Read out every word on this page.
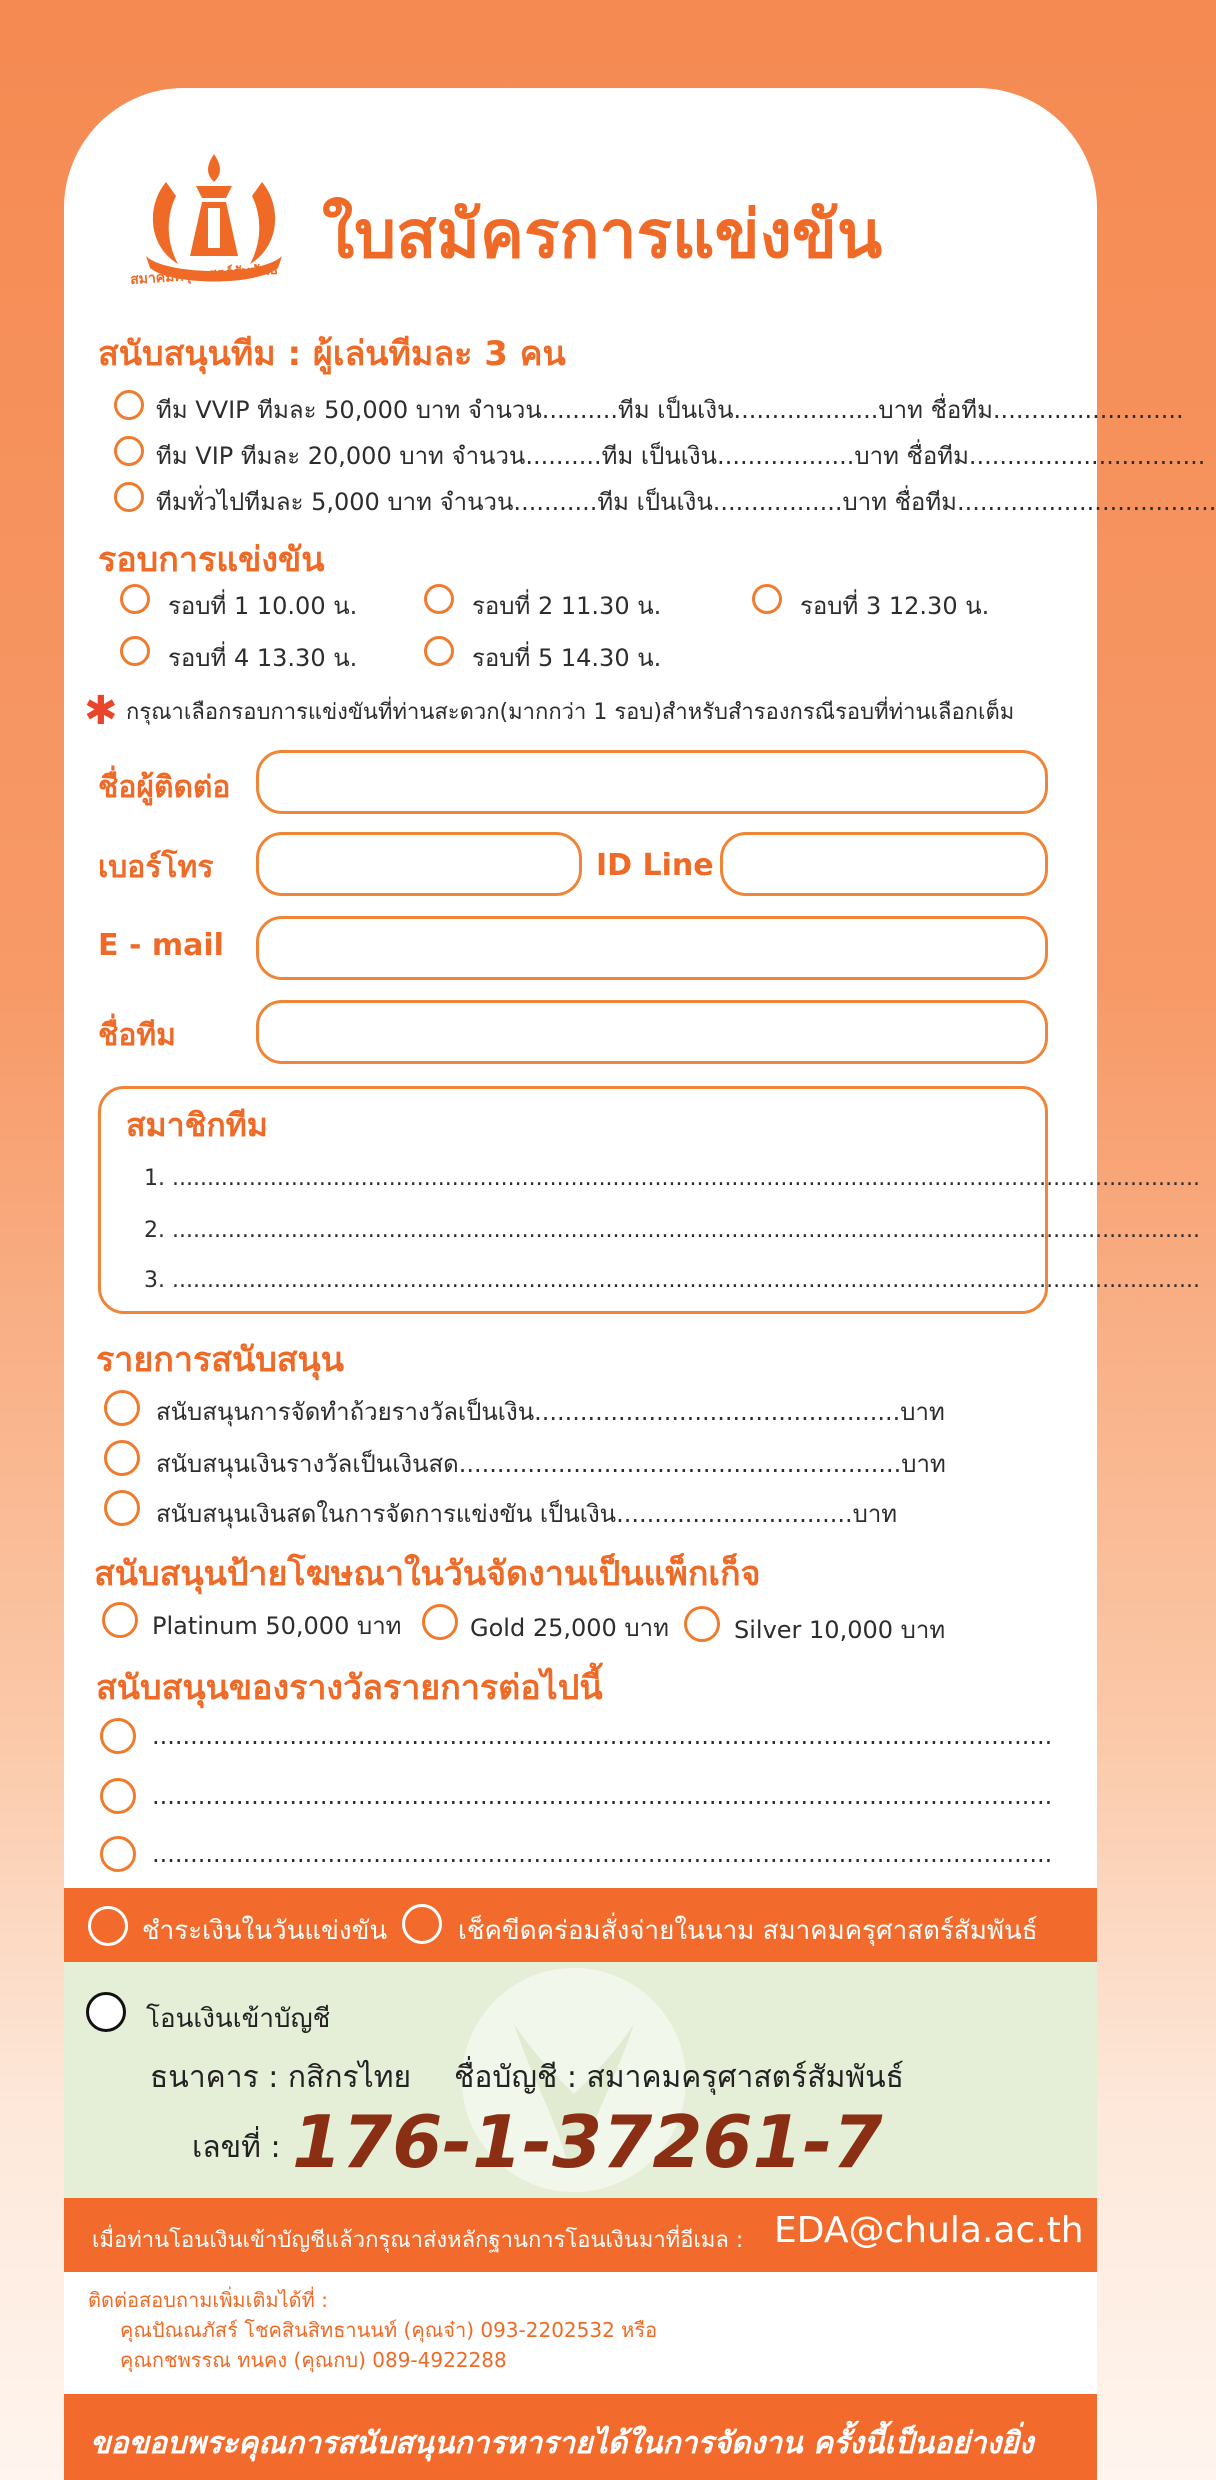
สมาคมครุศาสตร์สัมพันธ์
ใบสมัครการแข่งขัน
สนับสนุนทีม : ผู้เล่นทีมละ 3 คน
ทีม VVIP ทีมละ 50,000 บาท จำนวน..........ทีม เป็นเงิน...................บาท ชื่อทีม.........................
ทีม VIP ทีมละ 20,000 บาท จำนวน..........ทีม เป็นเงิน..................บาท ชื่อทีม...............................
ทีมทั่วไปทีมละ 5,000 บาท จำนวน...........ทีม เป็นเงิน.................บาท ชื่อทีม..................................
รอบการแข่งขัน
รอบที่ 1 10.00 น.	รอบที่ 2 11.30 น.	รอบที่ 3 12.30 น.
รอบที่ 4 13.30 น.	รอบที่ 5 14.30 น.
✱ กรุณาเลือกรอบการแข่งขันที่ท่านสะดวก(มากกว่า 1 รอบ)สำหรับสำรองกรณีรอบที่ท่านเลือกเต็ม
ชื่อผู้ติดต่อ
เบอร์โทร	ID Line
E - mail
ชื่อทีม
สมาชิกทีม
1. ...................................................................................................................................................
2. ...................................................................................................................................................
3. ...................................................................................................................................................
รายการสนับสนุน
สนับสนุนการจัดทำถ้วยรางวัลเป็นเงิน................................................บาท
สนับสนุนเงินรางวัลเป็นเงินสด..........................................................บาท
สนับสนุนเงินสดในการจัดการแข่งขัน เป็นเงิน...............................บาท
สนับสนุนป้ายโฆษณาในวันจัดงานเป็นแพ็กเก็จ
Platinum 50,000 บาท	Gold 25,000 บาท	Silver 10,000 บาท
สนับสนุนของรางวัลรายการต่อไปนี้
......................................................................................................................
......................................................................................................................
......................................................................................................................
ชำระเงินในวันแข่งขัน	เช็คขีดคร่อมสั่งจ่ายในนาม สมาคมครุศาสตร์สัมพันธ์
โอนเงินเข้าบัญชี
ธนาคาร : กสิกรไทย ชื่อบัญชี : สมาคมครุศาสตร์สัมพันธ์
เลขที่ : 176-1-37261-7
เมื่อท่านโอนเงินเข้าบัญชีแล้วกรุณาส่งหลักฐานการโอนเงินมาที่อีเมล : EDA@chula.ac.th
ติดต่อสอบถามเพิ่มเติมได้ที่ :
คุณปัณณภัสร์ โชคสินสิทธานนท์ (คุณจ๋า) 093-2202532 หรือ
คุณกชพรรณ ทนคง (คุณกบ) 089-4922288
ขอขอบพระคุณการสนับสนุนการหารายได้ในการจัดงาน ครั้งนี้เป็นอย่างยิ่ง
